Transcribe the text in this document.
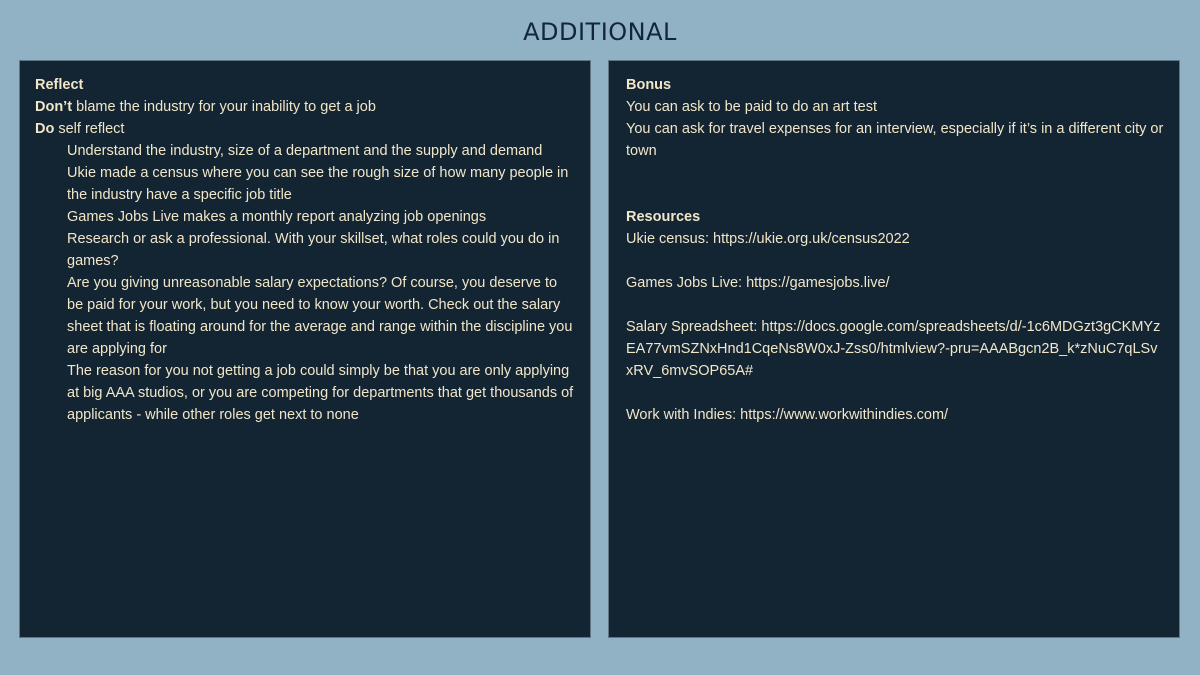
ADDITIONAL

Reflect

Don’t blame the industry for your inability to get a job

Do self reflect

Understand the industry, size of a department and the supply and demand

Ukie made a census where you can see the rough size of how many people in the industry have a specific job title

Games Jobs Live makes a monthly report analyzing job openings

Research or ask a professional. With your skillset, what roles could you do in games?

Are you giving unreasonable salary expectations? Of course, you deserve to be paid for your work, but you need to know your worth. Check out the salary sheet that is floating around for the average and range within the discipline you are applying for

The reason for you not getting a job could simply be that you are only applying at big AAA studios, or you are competing for departments that get thousands of applicants - while other roles get next to none

Bonus

You can ask to be paid to do an art test

You can ask for travel expenses for an interview, especially if it’s in a different city or town

Resources

Ukie census: https://ukie.org.uk/census2022

Games Jobs Live: https://gamesjobs.live/

Salary Spreadsheet: https://docs.google.com/spreadsheets/d/-1c6MDGzt3gCKMYzEA77vmSZNxHnd1CqeNs8W0xJ-Zss0/htmlview?-pru=AAABgcn2B_k*zNuC7qLSvxRV_6mvSOP65A#

Work with Indies: https://www.workwithindies.com/
